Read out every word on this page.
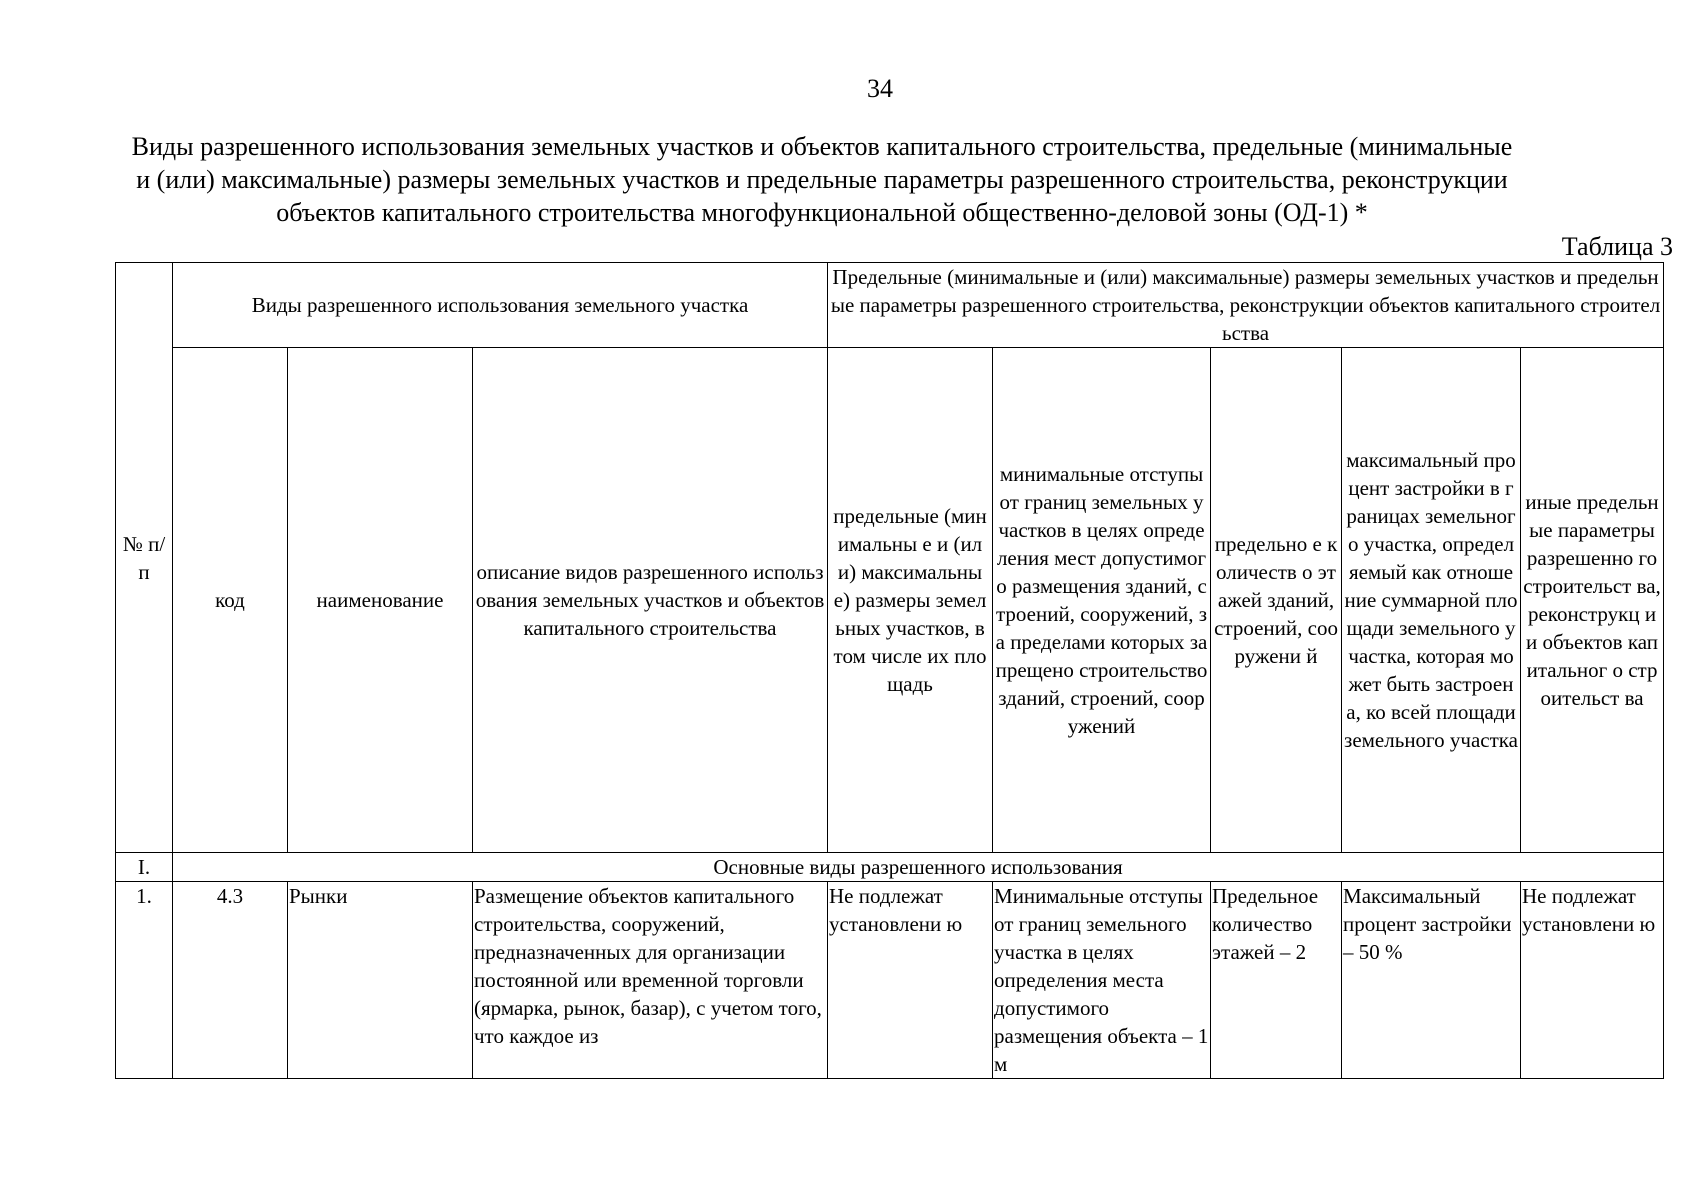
34
Виды разрешенного использования земельных участков и объектов капитального строительства, предельные (минимальные
и (или) максимальные) размеры земельных участков и предельные параметры разрешенного строительства, реконструкции
объектов капитального строительства многофункциональной общественно-деловой зоны (ОД-1) *
Таблица 3
№ п/п	Виды разрешенного использования земельного участка			Предельные (минимальные и (или) максимальные) размеры земельных участков и предельные параметры разрешенного строительства, реконструкции объектов капитального строительства				
	код	наименование	описание видов разрешенного использования земельных участков и объектов капитального строительства	предельные (минимальны е и (или) максимальны е) размеры земельных участков, в том числе их площадь	минимальные отступы от границ земельных участков в целях определения мест допустимого размещения зданий, строений, сооружений, за пределами которых запрещено строительство зданий, строений, сооружений	предельно е количеств о этажей зданий, строений, сооружени й	максимальный процент застройки в границах земельного участка, определяемый как отношение суммарной площади земельного участка, которая может быть застроена, ко всей площади земельного участка	иные предельные параметры разрешенно го строительст ва, реконструкц ии объектов капитальног о строительст ва
I.	Основные виды разрешенного использования							
1.	4.3	Рынки	Размещение объектов капитального строительства, сооружений, предназначенных для организации постоянной или временной торговли (ярмарка, рынок, базар), с учетом того, что каждое из	Не подлежат установлени ю	Минимальные отступы от границ земельного участка в целях определения места допустимого размещения объекта – 1 м	Предельное количество этажей – 2	Максимальный процент застройки – 50 %	Не подлежат установлени ю
